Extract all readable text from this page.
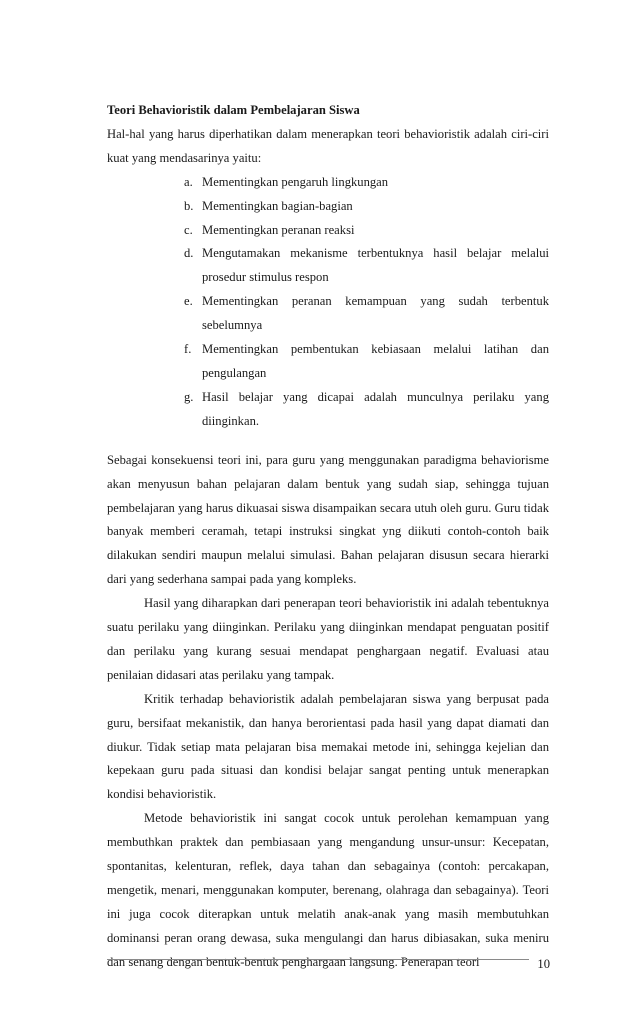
Teori Behavioristik dalam Pembelajaran Siswa

Hal-hal yang harus diperhatikan dalam menerapkan teori behavioristik adalah ciri-ciri kuat yang mendasarinya yaitu:

a. Mementingkan pengaruh lingkungan
b. Mementingkan bagian-bagian
c. Mementingkan peranan reaksi
d. Mengutamakan mekanisme terbentuknya hasil belajar melalui prosedur stimulus respon
e. Mementingkan peranan kemampuan yang sudah terbentuk sebelumnya
f. Mementingkan pembentukan kebiasaan melalui latihan dan pengulangan
g. Hasil belajar yang dicapai adalah munculnya perilaku yang diinginkan.

Sebagai konsekuensi teori ini, para guru yang menggunakan paradigma behaviorisme akan menyusun bahan pelajaran dalam bentuk yang sudah siap, sehingga tujuan pembelajaran yang harus dikuasai siswa disampaikan secara utuh oleh guru. Guru tidak banyak memberi ceramah, tetapi instruksi singkat yng diikuti contoh-contoh baik dilakukan sendiri maupun melalui simulasi. Bahan pelajaran disusun secara hierarki dari yang sederhana sampai pada yang kompleks.

Hasil yang diharapkan dari penerapan teori behavioristik ini adalah tebentuknya suatu perilaku yang diinginkan. Perilaku yang diinginkan mendapat penguatan positif dan perilaku yang kurang sesuai mendapat penghargaan negatif. Evaluasi atau penilaian didasari atas perilaku yang tampak.

Kritik terhadap behavioristik adalah pembelajaran siswa yang berpusat pada guru, bersifaat mekanistik, dan hanya berorientasi pada hasil yang dapat diamati dan diukur. Tidak setiap mata pelajaran bisa memakai metode ini, sehingga kejelian dan kepekaan guru pada situasi dan kondisi belajar sangat penting untuk menerapkan kondisi behavioristik.

Metode behavioristik ini sangat cocok untuk perolehan kemampuan yang membuthkan praktek dan pembiasaan yang mengandung unsur-unsur: Kecepatan, spontanitas, kelenturan, reflek, daya tahan dan sebagainya (contoh: percakapan, mengetik, menari, menggunakan komputer, berenang, olahraga dan sebagainya). Teori ini juga cocok diterapkan untuk melatih anak-anak yang masih membutuhkan dominansi peran orang dewasa, suka mengulangi dan harus dibiasakan, suka meniru dan senang dengan bentuk-bentuk penghargaan langsung. Penerapan teori	10
